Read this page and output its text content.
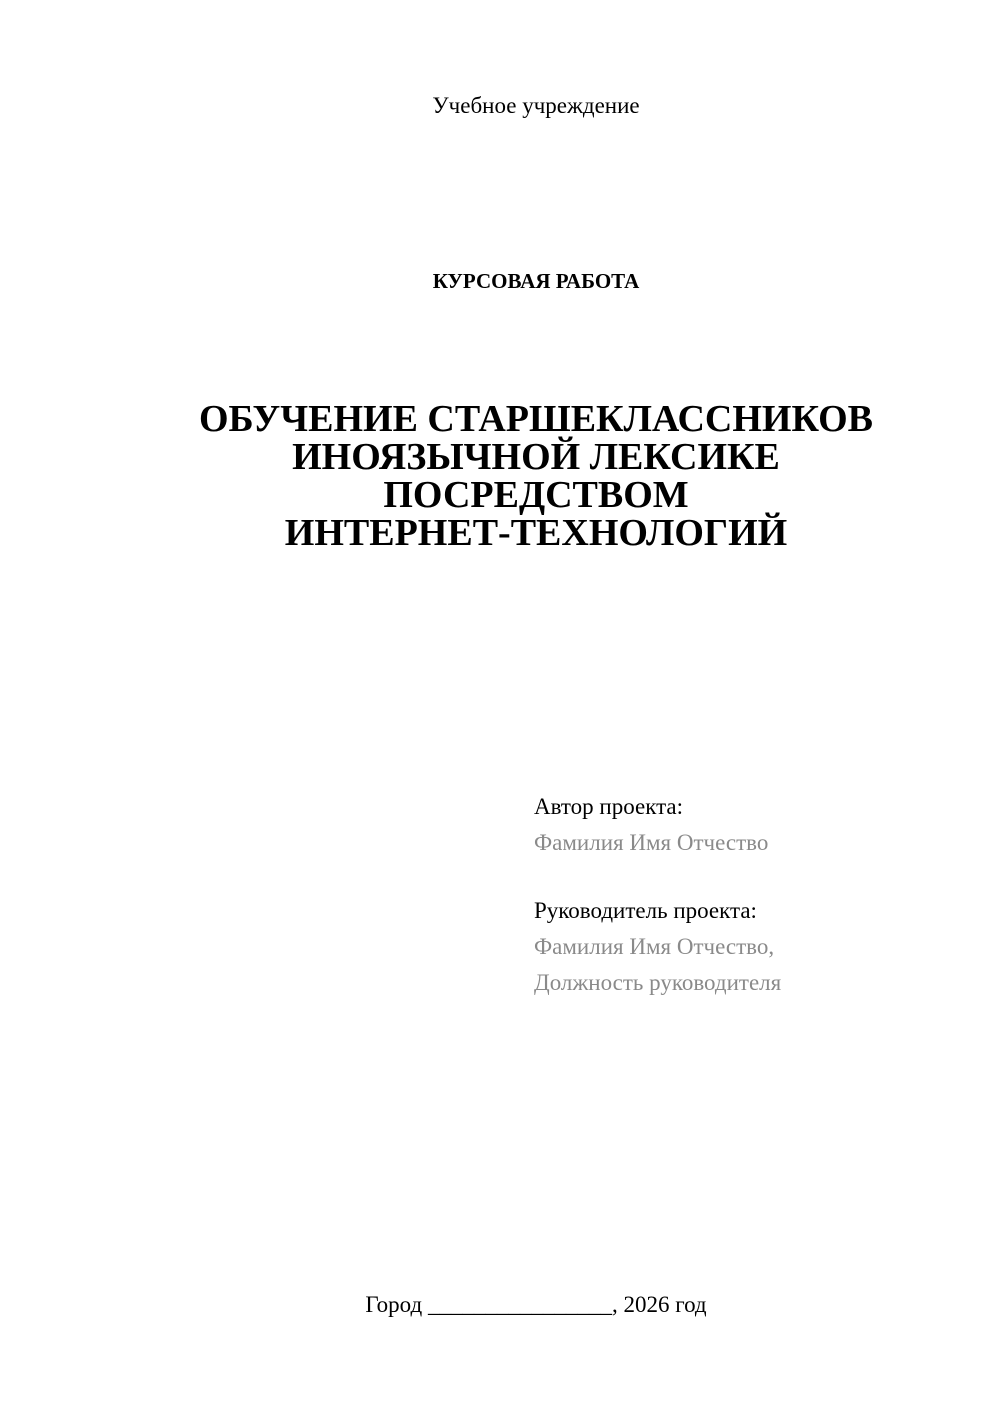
Учебное учреждение
КУРСОВАЯ РАБОТА
ОБУЧЕНИЕ СТАРШЕКЛАССНИКОВ
ИНОЯЗЫЧНОЙ ЛЕКСИКЕ
ПОСРЕДСТВОМ
ИНТЕРНЕТ-ТЕХНОЛОГИЙ
Автор проекта:
Фамилия Имя Отчество
Руководитель проекта:
Фамилия Имя Отчество,
Должность руководителя
Город ________________, 2026 год
